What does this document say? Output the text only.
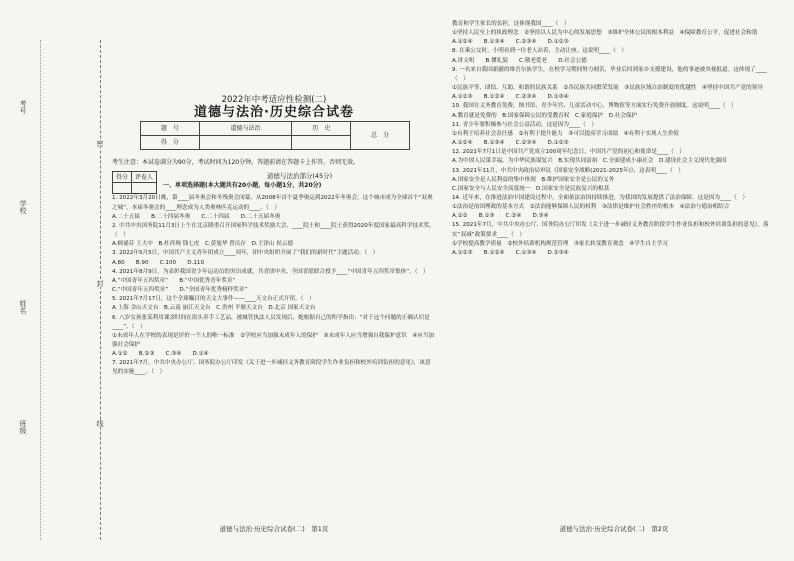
考号
学校
姓名
班级
密
封
线
2022年中考适应性检测(二)
道德与法治·历史综合试卷
题　号	道德与法治	历　史	总　分
得　分			
考生注意：本试卷满分为90分，考试时间为120分钟。答题前请在答题卡上作答，否则无效。
得分	评卷人
		道德与法治部分(45分)
一、单项选择题(本大题共有20小题，每小题1分，共20分)

1. 2022年3月20日晚，第____届冬奥会和冬残奥会闭幕，从2008年首个夏季奥运到2022年冬奥会，这个城市成为全球首个“双奥之城”，本届冬奥会的____理念成为人类奥林匹克运动的____。（　）

A.二十五届　　B.二十四届冬奥　　C.二十四届　　D.二十五届冬奥

2. 中共中央国务院11月3日上午在北京隆重召开国家科学技术奖励大会，____院士和____院士获得2020年度国家最高科学技术奖。（　）

A.顾诵芬 王大中　B.杜祥琬 钱七虎　C.黄旭华 曾庆存　D.王泽山 侯云德

3. 2022年5月5日，中国共产主义青年团成立____周年，团中央组织开展了“我们的新时代”主题活动。（　）

A.80　　B.90　　C.100　　D.110

4. 2021年8月9日，为表彰我国青少年运动员的突出成就，共青团中央、全国青联联合授予____“中国青年五四奖章集体”。（　）

A.“中国青年五四奖章”　　B.“中国优秀青年奖章”

C.“中国青年五四奖章”　　D.“全国青年优秀榜样奖章”

5. 2021年7月17日，这个全球瞩目的天文大事件——____天文台正式开馆。（　）

A.上海 佘山天文台　B.云南 丽江天文台　C.贵州 平塘天文台　D.北京 国家天文台

6. 八岁女孩张某利用课余时间在街头卖手工艺品，被城管执法人员发现后，她根据自己的所学指出：“对于这个问题的正确认识是____”。（　）

①未成年人在学校的表现是评价一个人的唯一标准　②学校应当加强未成年人的保护　③未成年人应当增强自我保护意识　④应当加强社会保护

A.①②　　B.②③　　C.③④　　D.①④

7. 2021年7月，中共中央办公厅、国务院办公厅印发《关于进一步减轻义务教育阶段学生作业负担和校外培训负担的意见》，该意见的实施____。（　）

道德与法治·历史综合试卷(二)　第1页

教育和学生家长的负担，这体现我国____（　）

①坚持人民至上的执政理念　②坚持以人民为中心的发展思想　③维护全体公民的根本利益　④保障教育公平，促进社会和谐

A.①②④　　B.①③④　　C.②③④　　D.①②③

8. 在乘公交时，小明看到一位老人站着，主动让座。这说明____（　）

A.讲文明　　B.懂礼貌　　C.敬老爱老　　D.社会公德

9. 一名来自我国新疆的维吾尔族学生，在校学习期间努力刻苦，毕业后回到家乡支援建设，他的事迹被央视报道。这体现了____（　）

①民族平等、团结、互助、和谐的民族关系　②各民族共同繁荣发展　③民族区域自治制度的优越性　④坚持中国共产党的领导

A.①②③　　B.①②④　　C.②③④　　D.①③④

10. 我国在义务教育免费、图书馆、青少年宫、儿童活动中心、博物馆等方面实行免费开放制度。这说明____（　）

A.教育就是免费的　B.国家保障公民的受教育权　C.家庭保护　D.社会保护

11. 青少年要积极参与社会公益活动，这是因为____（　）

①有利于培养社会责任感　②有利于提升能力　③可以提高学习成绩　④有利于实现人生价值

A.①②④　　B.①③④　　C.②③④　　D.①②③

12. 2021年7月1日是中国共产党成立100周年纪念日，中国共产党的初心和使命是____（　）

A.为中国人民谋幸福，为中华民族谋复兴　B.实现共同富裕　C.全面建成小康社会　D.建设社会主义现代化强国

13. 2021年11月，中共中央政治局审议《国家安全战略(2021-2025年)》，这表明____（　）

A.国家安全是人民利益的集中体现　B.维护国家安全是公民的义务

C.国家安全与人民安全高度统一　D.国家安全是民族复兴的根基

14. 近年来，在推进法治中国建设过程中，全面依法治国持续推进，为我国的发展提供了法治保障。这是因为____（　）

①法治是治国理政的基本方式　②法治能够保障人民的权利　③法律是维护社会秩序的根本　④法治与德治相结合

A.①②　　B.①③　　C.②④　　D.③④

15. 2021年7月，中共中央办公厅、国务院办公厅印发《关于进一步减轻义务教育阶段学生作业负担和校外培训负担的意见》，落实“双减”政策要求____（　）

①学校提高教学质量　②校外培训机构规范管理　③家长转变教育观念　④学生自主学习

A.①②③　　B.①②④　　C.①③④　　D.②③④

道德与法治·历史综合试卷(二)　第2页
